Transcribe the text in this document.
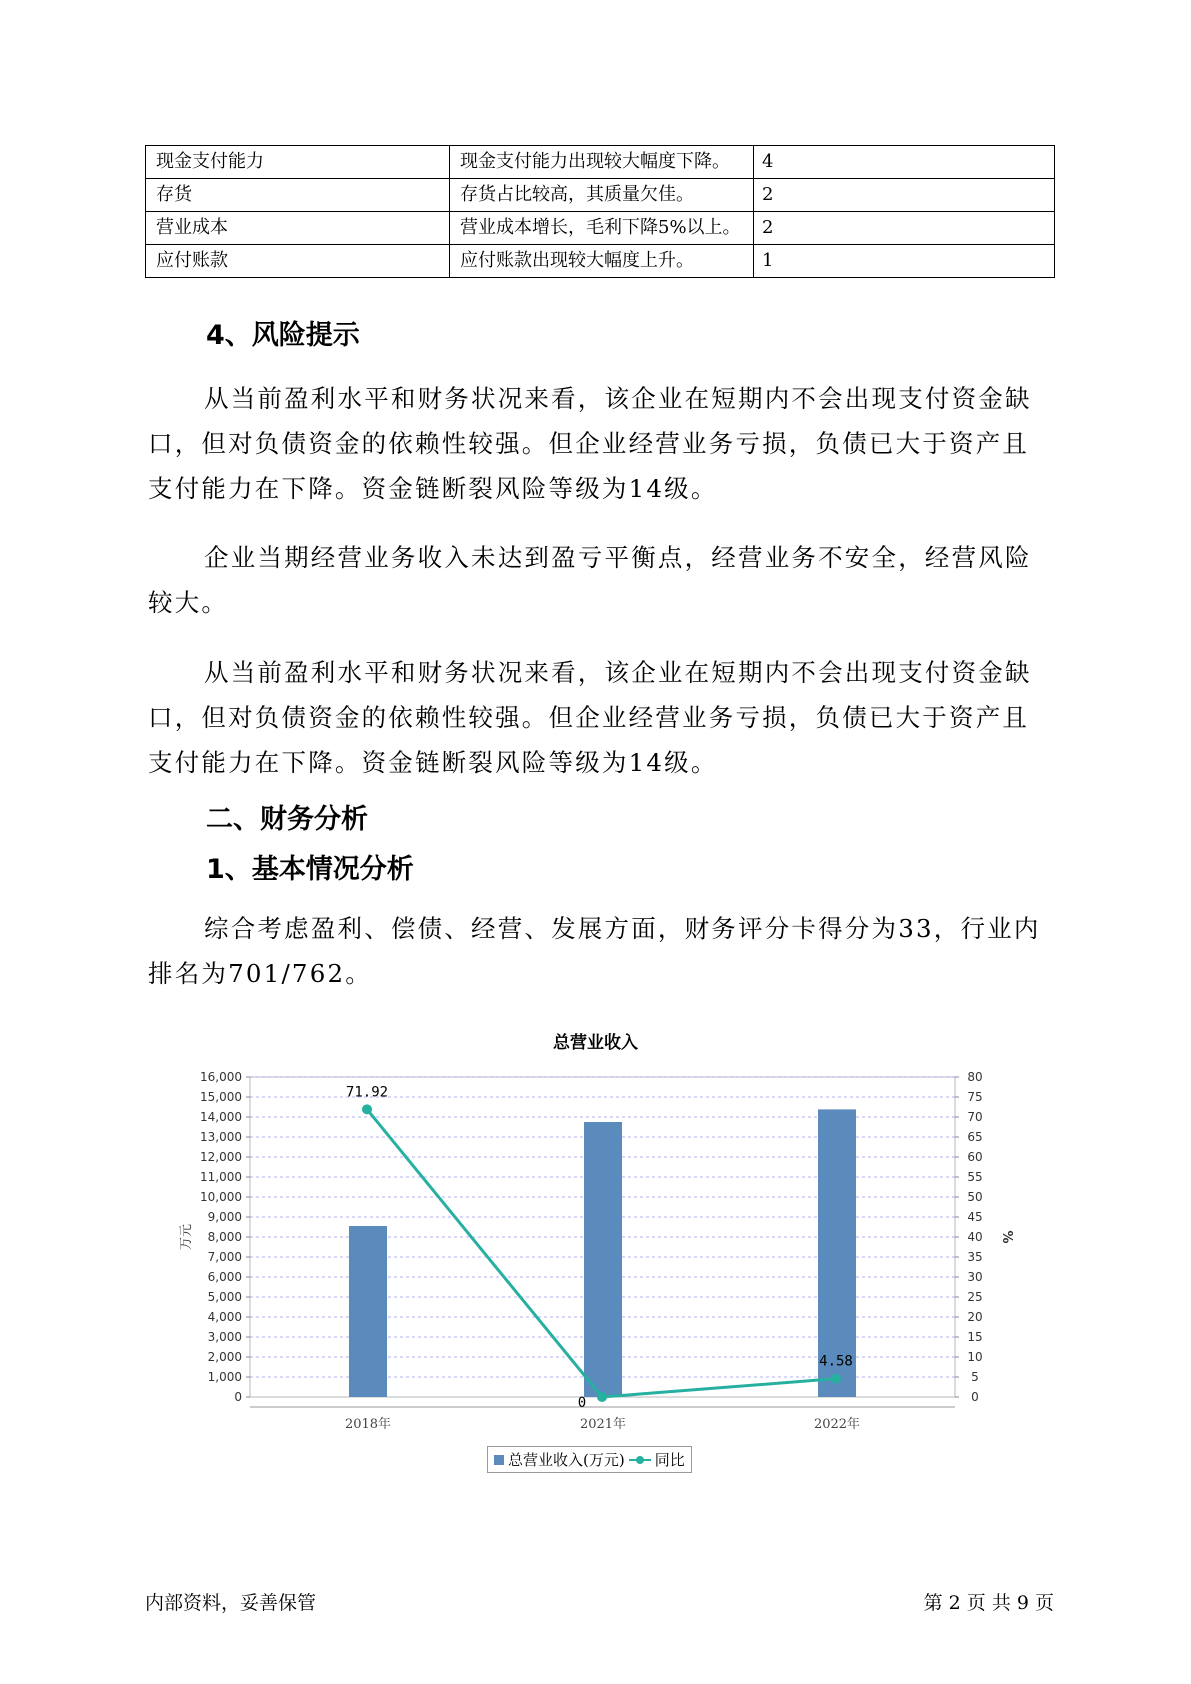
现金支付能力	现金支付能力出现较大幅度下降。	4
存货	存货占比较高，其质量欠佳。	2
营业成本	营业成本增长，毛利下降5%以上。	2
应付账款	应付账款出现较大幅度上升。	1
4、风险提示

从当前盈利水平和财务状况来看，该企业在短期内不会出现支付资金缺口，但对负债资金的依赖性较强。但企业经营业务亏损，负债已大于资产且支付能力在下降。资金链断裂风险等级为14级。

企业当期经营业务收入未达到盈亏平衡点，经营业务不安全，经营风险较大。

从当前盈利水平和财务状况来看，该企业在短期内不会出现支付资金缺口，但对负债资金的依赖性较强。但企业经营业务亏损，负债已大于资产且支付能力在下降。资金链断裂风险等级为14级。

二、财务分析
1、基本情况分析

综合考虑盈利、偿债、经营、发展方面，财务评分卡得分为33，行业内排名为701/762。

总营业收入
0	0
1,000	5
2,000	10
3,000	15
4,000	20
5,000	25
6,000	30
7,000	35
8,000	40
9,000	45
10,000	50
11,000	55
12,000	60
13,000	65
14,000	70
15,000	75
16,000	80
万元	%
2018年	2021年	2022年
71.92
0
4.58
总营业收入(万元) 同比
内部资料，妥善保管	第 2 页 共 9 页
